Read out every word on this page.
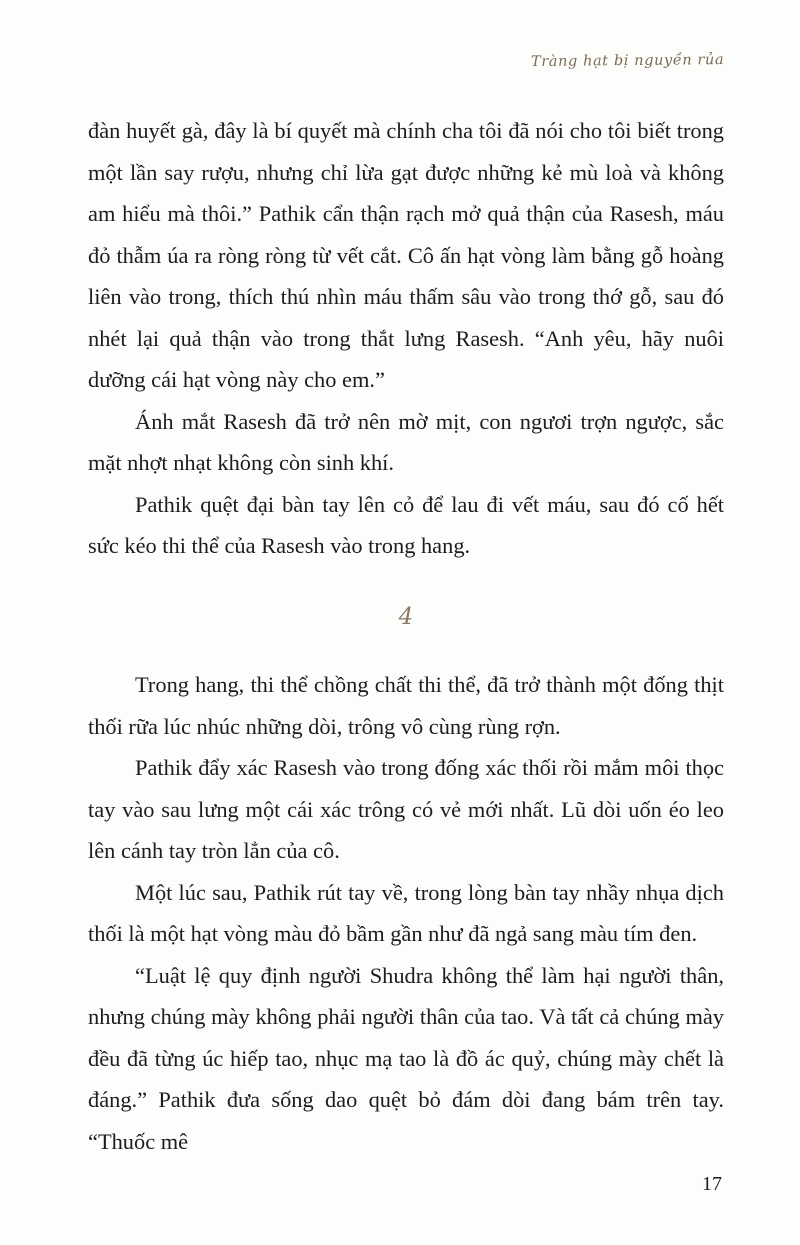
Tràng hạt bị nguyền rủa

đàn huyết gà, đây là bí quyết mà chính cha tôi đã nói cho tôi biết trong một lần say rượu, nhưng chỉ lừa gạt được những kẻ mù loà và không am hiểu mà thôi.” Pathik cẩn thận rạch mở quả thận của Rasesh, máu đỏ thẫm úa ra ròng ròng từ vết cắt. Cô ấn hạt vòng làm bằng gỗ hoàng liên vào trong, thích thú nhìn máu thấm sâu vào trong thớ gỗ, sau đó nhét lại quả thận vào trong thắt lưng Rasesh. “Anh yêu, hãy nuôi dưỡng cái hạt vòng này cho em.”

Ánh mắt Rasesh đã trở nên mờ mịt, con ngươi trợn ngược, sắc mặt nhợt nhạt không còn sinh khí.

Pathik quệt đại bàn tay lên cỏ để lau đi vết máu, sau đó cố hết sức kéo thi thể của Rasesh vào trong hang.

4

Trong hang, thi thể chồng chất thi thể, đã trở thành một đống thịt thối rữa lúc nhúc những dòi, trông vô cùng rùng rợn.

Pathik đẩy xác Rasesh vào trong đống xác thối rồi mắm môi thọc tay vào sau lưng một cái xác trông có vẻ mới nhất. Lũ dòi uốn éo leo lên cánh tay tròn lẳn của cô.

Một lúc sau, Pathik rút tay về, trong lòng bàn tay nhầy nhụa dịch thối là một hạt vòng màu đỏ bầm gần như đã ngả sang màu tím đen.

“Luật lệ quy định người Shudra không thể làm hại người thân, nhưng chúng mày không phải người thân của tao. Và tất cả chúng mày đều đã từng úc hiếp tao, nhục mạ tao là đồ ác quỷ, chúng mày chết là đáng.” Pathik đưa sống dao quệt bỏ đám dòi đang bám trên tay. “Thuốc mê

17
